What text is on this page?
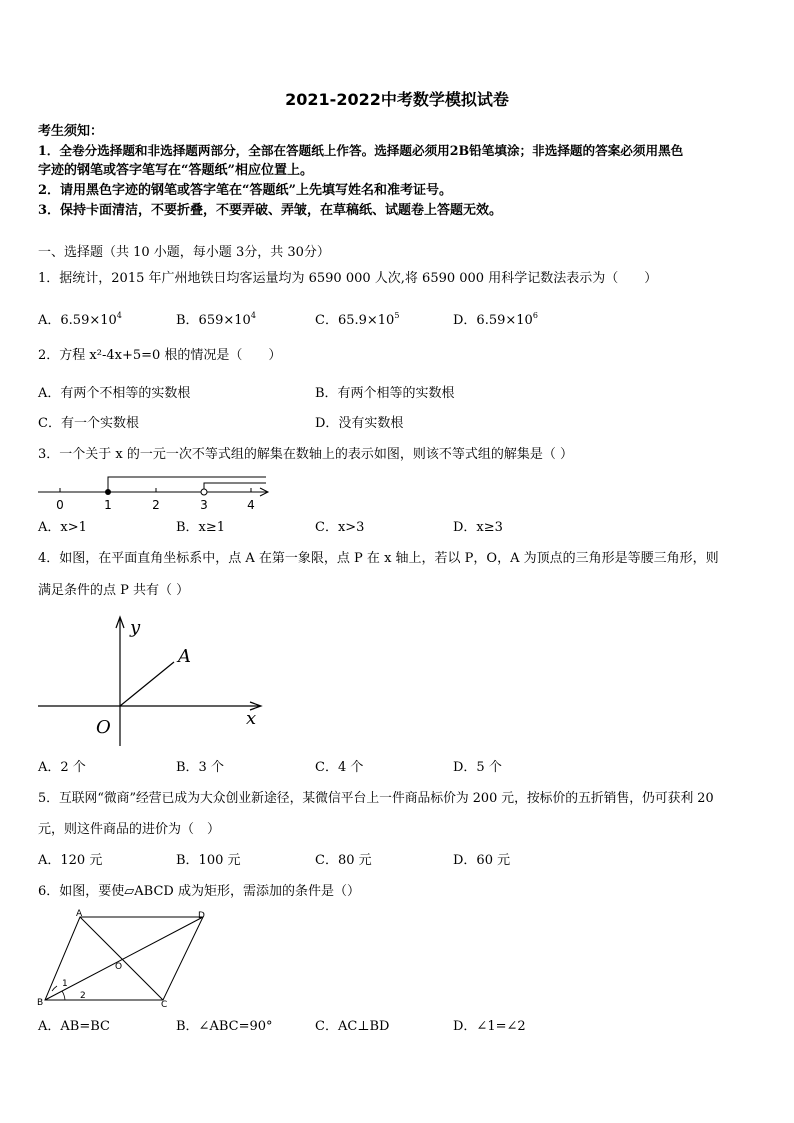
2021-2022中考数学模拟试卷
考生须知：
1．全卷分选择题和非选择题两部分，全部在答题纸上作答。选择题必须用2B铅笔填涂；非选择题的答案必须用黑色
字迹的钢笔或答字笔写在“答题纸”相应位置上。
2．请用黑色字迹的钢笔或答字笔在“答题纸”上先填写姓名和准考证号。
3．保持卡面清洁，不要折叠，不要弄破、弄皱，在草稿纸、试题卷上答题无效。
一、选择题（共 10 小题，每小题 3分，共 30分）
1．据统计，2015 年广州地铁日均客运量均为 6590 000 人次,将 6590 000 用科学记数法表示为（　　）
A．$6.59\times 10^4$	B．$659\times 10^4$	C．$65.9\times 10^5$	D．$6.59\times 10^6$
2．方程 x²-4x+5=0 根的情况是（　　）
A．有两个不相等的实数根	B．有两个相等的实数根
C．有一个实数根	D．没有实数根
3．一个关于 x 的一元一次不等式组的解集在数轴上的表示如图，则该不等式组的解集是（ ）
0	1	2	3	4
A．x>1	B．x≥1	C．x>3	D．x≥3
4．如图，在平面直角坐标系中，点 A 在第一象限，点 P 在 x 轴上，若以 P，O，A 为顶点的三角形是等腰三角形，则
满足条件的点 P 共有（ ）
y
A
O	x
A．2 个	B．3 个	C．4 个	D．5 个
5．互联网“微商”经营已成为大众创业新途径，某微信平台上一件商品标价为 200 元，按标价的五折销售，仍可获利 20
元，则这件商品的进价为（　）
A．120 元	B．100 元	C．80 元	D．60 元
6．如图，要使▱ABCD 成为矩形，需添加的条件是（）
A	D
B	C
O
1
2
A．AB=BC	B．∠ABC=90°	C．AC⊥BD	D．∠1=∠2
